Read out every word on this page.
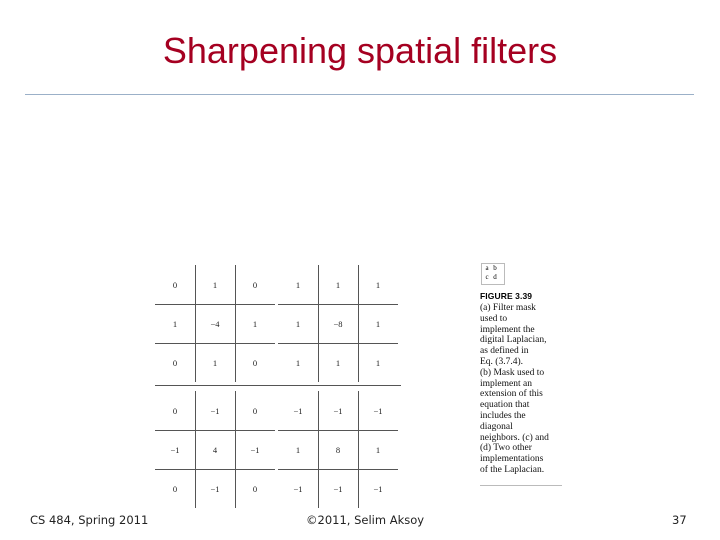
Sharpening spatial filters
0	1	0
1	−4	1
0	1	0
1	1	1
1	−8	1
1	1	1
0	−1	0
−1	4	−1
0	−1	0
−1	−1	−1
1	8	1
−1	−1	−1
a b
c d
FIGURE 3.39
(a) Filter mask
used to
implement the
digital Laplacian,
as defined in
Eq. (3.7.4).
(b) Mask used to
implement an
extension of this
equation that
includes the
diagonal
neighbors. (c) and
(d) Two other
implementations
of the Laplacian.
CS 484, Spring 2011	©2011, Selim Aksoy	37
